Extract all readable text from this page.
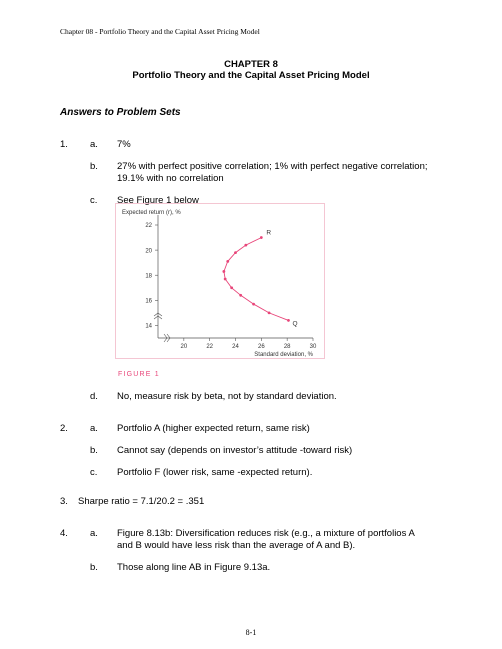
Chapter 08 - Portfolio Theory and the Capital Asset Pricing Model
CHAPTER 8
Portfolio Theory and the Capital Asset Pricing Model
Answers to Problem Sets
1. a. 7%
b. 27% with perfect positive correlation; 1% with perfect negative correlation;
19.1% with no correlation
c. See Figure 1 below
14
16
18
20
22
20	22	24	26	28	30
Expected return (r), %
Standard deviation, %
R
Q
FIGURE 1
d. No, measure risk by beta, not by standard deviation.
2. a. Portfolio A (higher expected return, same risk)
b. Cannot say (depends on investor’s attitude ‑toward risk)
c. Portfolio F (lower risk, same ‑expected return).
3. Sharpe ratio = 7.1/20.2 = .351
4. a. Figure 8.13b: Diversification reduces risk (e.g., a mixture of portfolios A
and B would have less risk than the average of A and B).
b. Those along line AB in Figure 9.13a.
8-1
